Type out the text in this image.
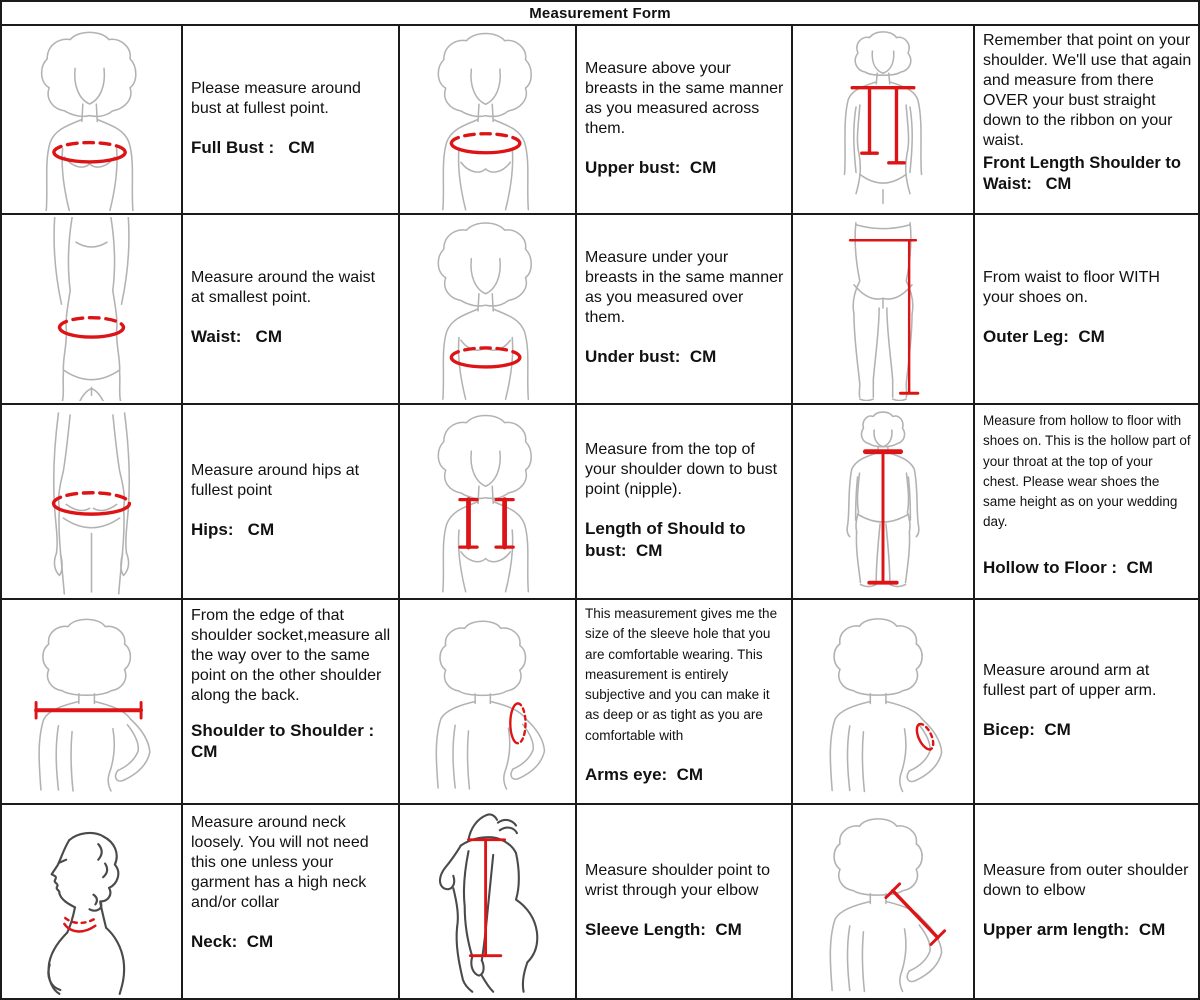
Measurement Form

Please measure around bust at fullest point.

Full Bust :   CM

Measure above your breasts in the same manner as you measured across them.

Upper bust:  CM

Remember that point on your shoulder. We'll use that again and measure from there OVER your bust straight down to the ribbon on your waist.

Front Length Shoulder to Waist:   CM

Measure around the waist at smallest point.

Waist:   CM

Measure under your breasts in the same manner as you measured over them.

Under bust:  CM

From waist to floor WITH your shoes on.

Outer Leg:  CM

Measure around hips at fullest point

Hips:   CM

Measure from the top of your shoulder down to bust point (nipple).

Length of Should to bust:  CM

Measure from hollow to floor with shoes on. This is the hollow part of your throat at the top of your chest. Please wear shoes the same height as on your wedding day.

Hollow to Floor :  CM

From the edge of that shoulder socket,measure all the way over to the same point on the other shoulder along the back.

Shoulder to Shoulder : CM

This measurement gives me the size of the sleeve hole that you are comfortable wearing. This measurement is entirely subjective and you can make it as deep or as tight as you are comfortable with

Arms eye:  CM

Measure around arm at fullest part of upper arm.

Bicep:  CM

Measure around neck loosely. You will not need this one unless your garment has a high neck and/or collar

Neck:  CM

Measure shoulder point to wrist through your elbow

Sleeve Length:  CM

Measure from outer shoulder down to elbow

Upper arm length:  CM
